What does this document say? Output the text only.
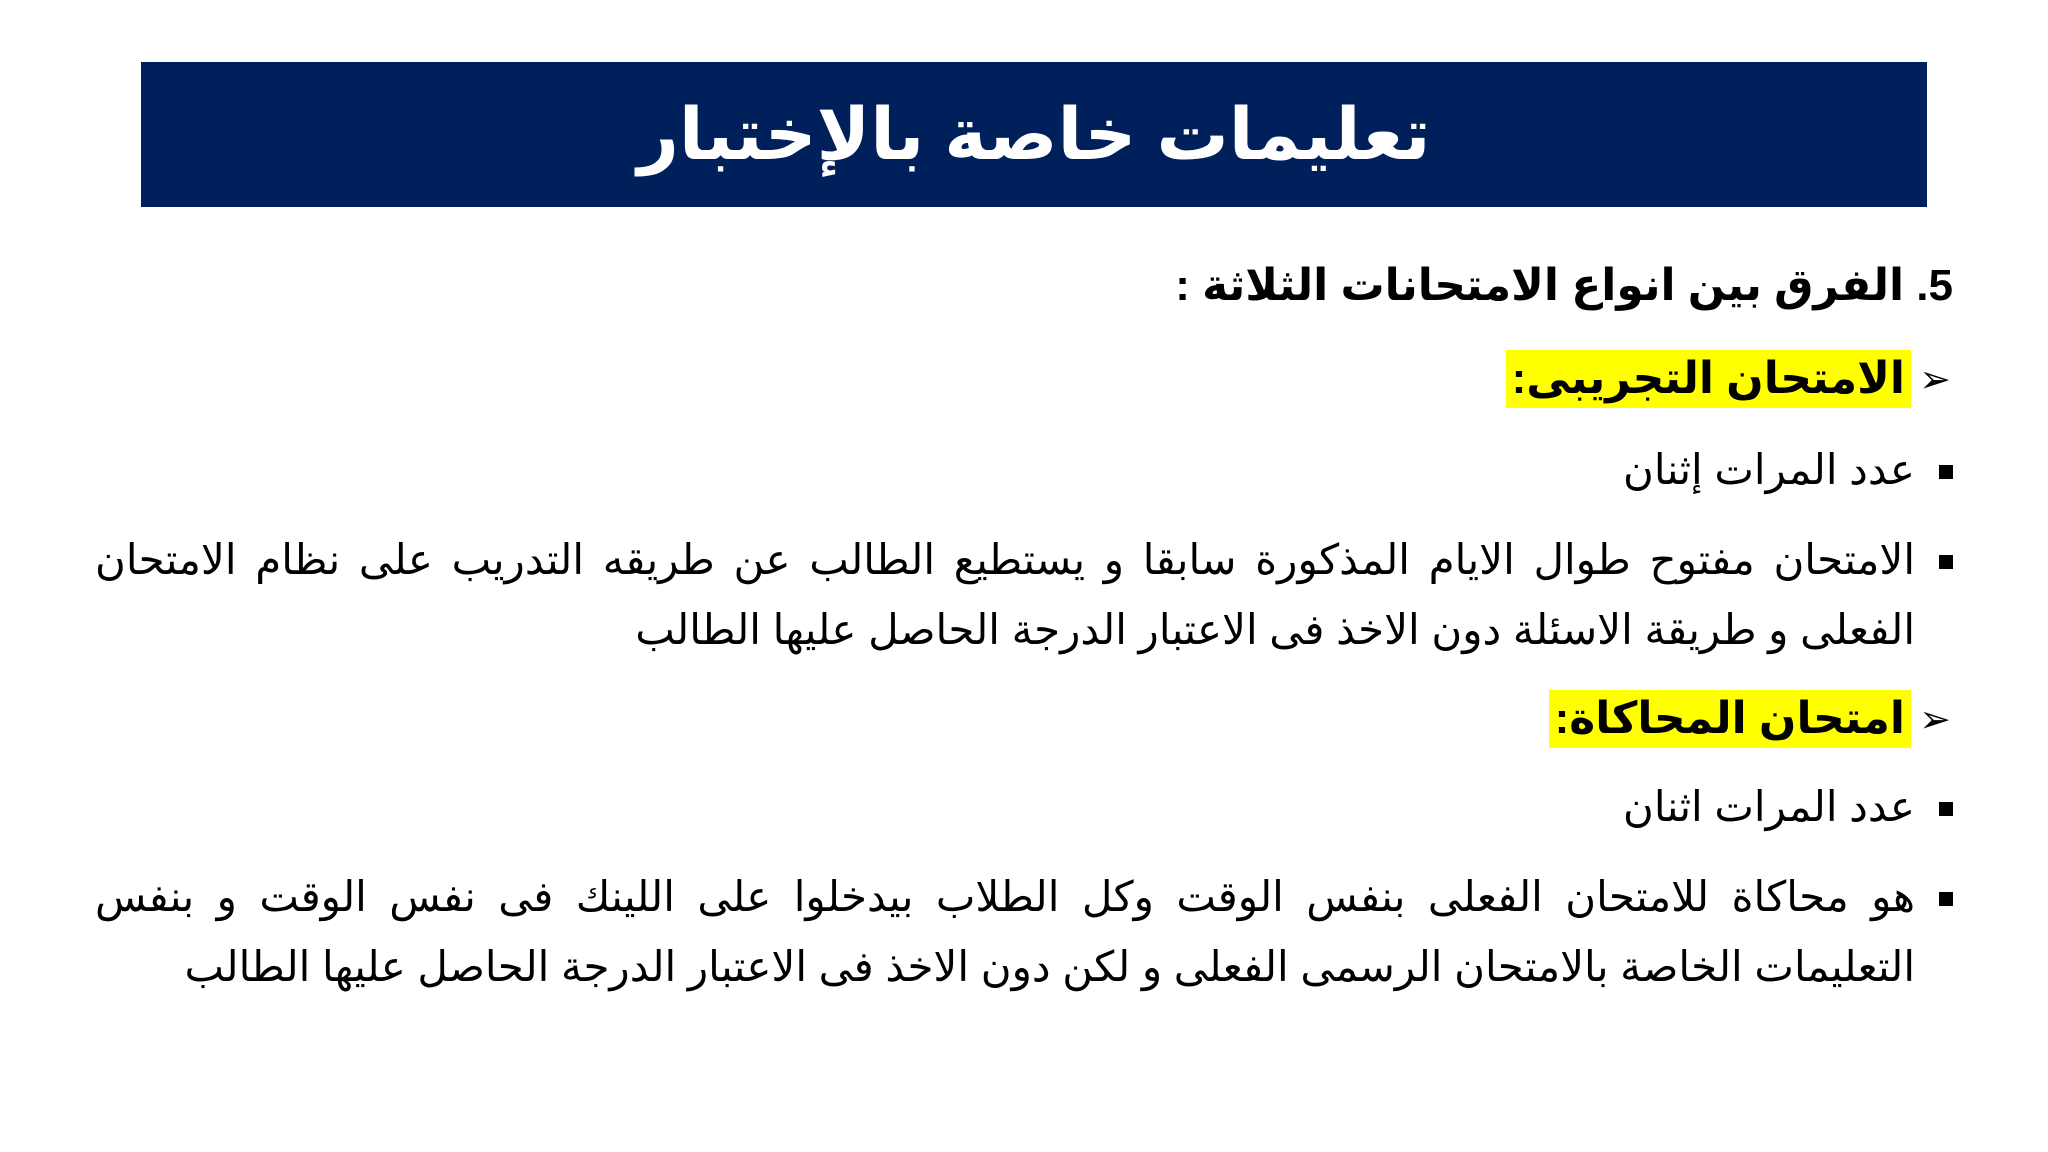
تعليمات خاصة بالإختبار
5. الفرق بين انواع الامتحانات الثلاثة :
➢
الامتحان التجريبى:
عدد المرات إثنان
الامتحان مفتوح طوال الايام المذكورة سابقا و يستطيع الطالب عن طريقه التدريب على نظام الامتحان الفعلى و طريقة الاسئلة دون الاخذ فى الاعتبار الدرجة الحاصل عليها الطالب
➢
امتحان المحاكاة:
عدد المرات اثنان
هو محاكاة للامتحان الفعلى بنفس الوقت وكل الطلاب بيدخلوا على اللينك فى نفس الوقت و بنفس التعليمات الخاصة بالامتحان الرسمى الفعلى و لكن دون الاخذ فى الاعتبار الدرجة الحاصل عليها الطالب
